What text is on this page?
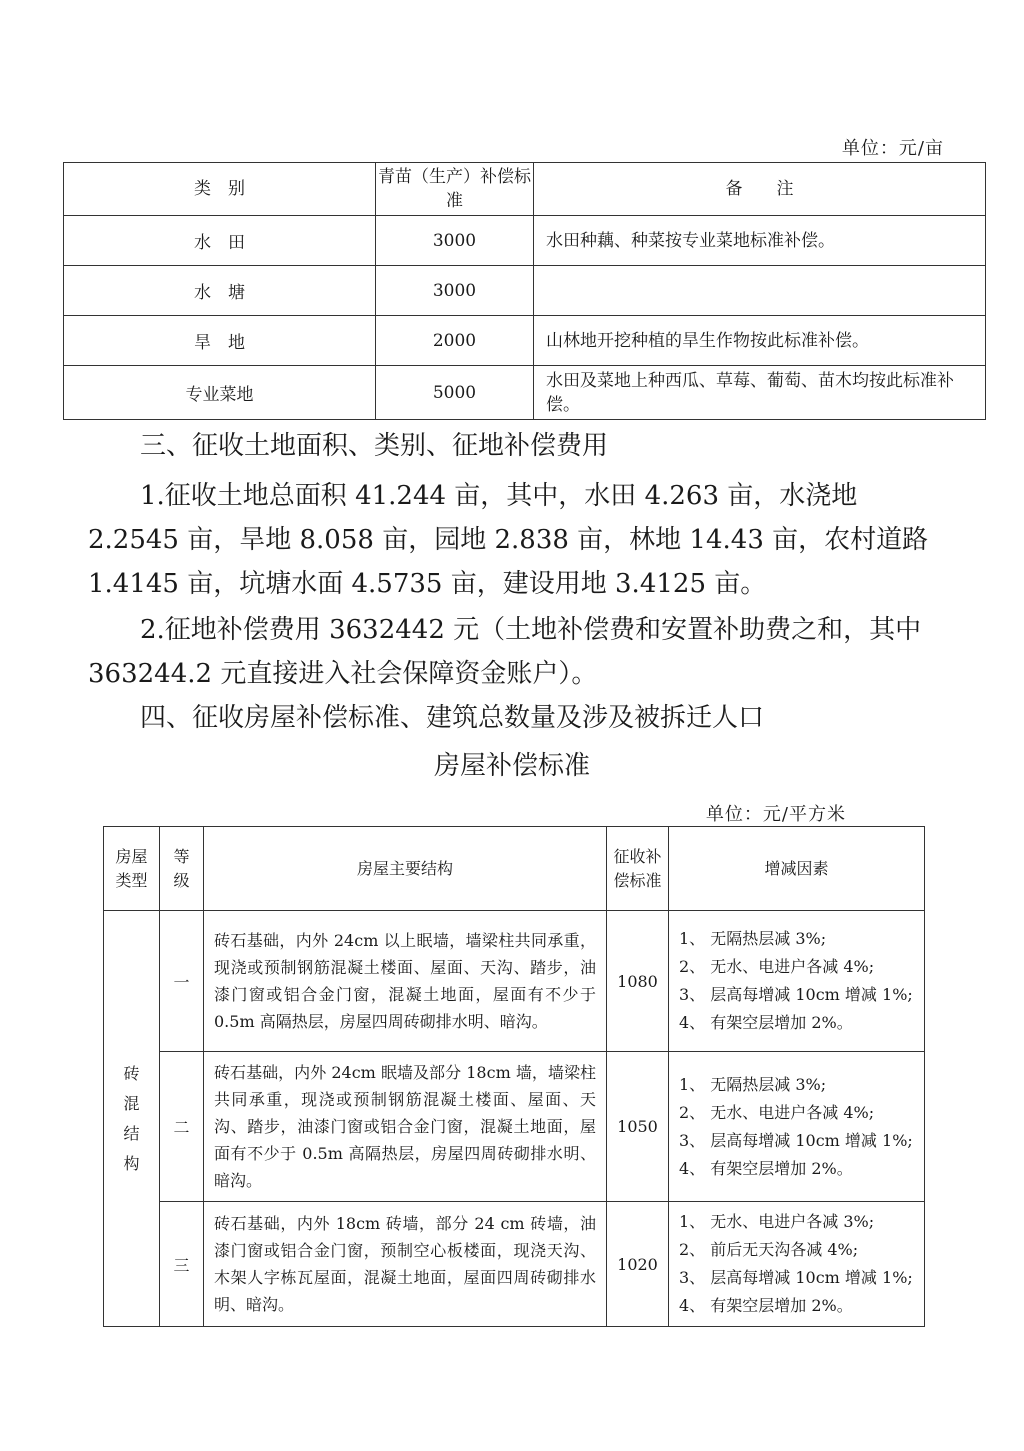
单位：元/亩
类　别	青苗（生产）补偿标准	备　　注
水　田	3000	水田种藕、种菜按专业菜地标准补偿。
水　塘	3000	
旱　地	2000	山林地开挖种植的旱生作物按此标准补偿。
专业菜地	5000	水田及菜地上种西瓜、草莓、葡萄、苗木均按此标准补偿。
三、征收土地面积、类别、征地补偿费用
1.征收土地总面积 41.244 亩，其中，水田 4.263 亩，水浇地 2.2545 亩，旱地 8.058 亩，园地 2.838 亩，林地 14.43 亩，农村道路 1.4145 亩，坑塘水面 4.5735 亩，建设用地 3.4125 亩。
2.征地补偿费用 3632442 元（土地补偿费和安置补助费之和，其中 363244.2 元直接进入社会保障资金账户）。
四、征收房屋补偿标准、建筑总数量及涉及被拆迁人口
房屋补偿标准
单位：元/平方米
房屋类型	等级	房屋主要结构	征收补偿标准	增减因素
砖混结构	一	砖石基础，内外 24cm 以上眠墙，墙梁柱共同承重，现浇或预制钢筋混凝土楼面、屋面、天沟、踏步，油漆门窗或铝合金门窗，混凝土地面，屋面有不少于 0.5m 高隔热层，房屋四周砖砌排水明、暗沟。	1080	1、 无隔热层减 3%;
2、 无水、电进户各减 4%;
3、 层高每增减 10cm 增减 1%;
4、 有架空层增加 2%。

	二	砖石基础，内外 24cm 眠墙及部分 18cm 墙，墙梁柱共同承重，现浇或预制钢筋混凝土楼面、屋面、天沟、踏步，油漆门窗或铝合金门窗，混凝土地面，屋面有不少于 0.5m 高隔热层，房屋四周砖砌排水明、暗沟。	1050	1、 无隔热层减 3%;
2、 无水、电进户各减 4%;
3、 层高每增减 10cm 增减 1%;
4、 有架空层增加 2%。

	三	砖石基础，内外 18cm 砖墙，部分 24 cm 砖墙，油漆门窗或铝合金门窗，预制空心板楼面，现浇天沟、木架人字栋瓦屋面，混凝土地面，屋面四周砖砌排水明、暗沟。	1020	1、 无水、电进户各减 3%;
2、 前后无天沟各减 4%;
3、 层高每增减 10cm 增减 1%;
4、 有架空层增加 2%。
